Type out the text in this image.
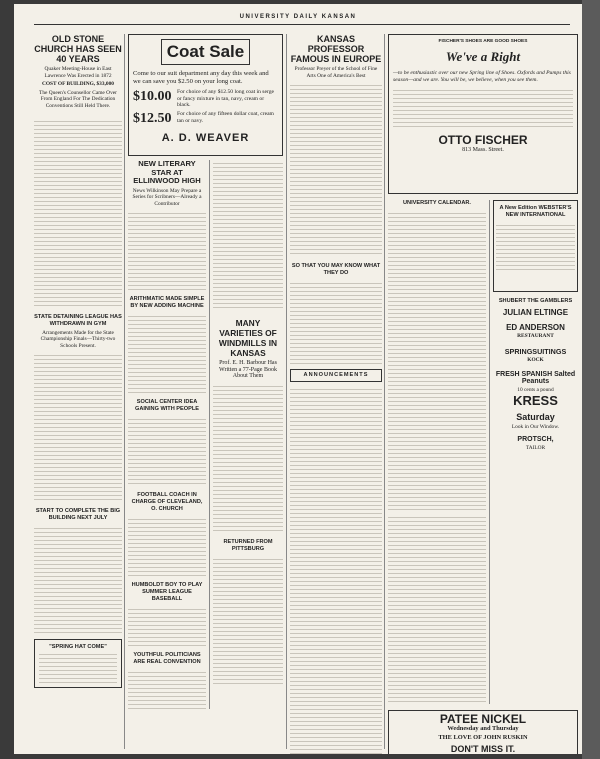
UNIVERSITY DAILY KANSAN
OLD STONE CHURCH HAS SEEN 40 YEARS
Quaker Meeting-House in East Lawrence Was Erected in 1872
COST OF BUILDING, $33,000
The Queen's Counsellor Came Over From England For The Dedication Conventions Still Held There.

STATE DETAINING LEAGUE HAS WITHDRAWN IN GYM
Arrangements Made for the State Championship Finals—Thirty-two Schools Present.
START TO COMPLETE THE BIG BUILDING NEXT JULY
"SPRING HAT COME"
Coat Sale
Come to our suit department any day this week and we can save you $2.50 on your long coat.
$10.00 For choice of any $12.50 long coat in serge or fancy mixture in tan, navy, cream or black.
$12.50 For choice of any fifteen dollar coat, cream tan or navy.
A. D. WEAVER
NEW LITERARY STAR AT ELLINWOOD HIGH
News Wilkinson May Prepare a Series for Scribners—Already a Contributor
ARITHMATIC MADE SIMPLE BY NEW ADDING MACHINE
SOCIAL CENTER IDEA GAINING WITH PEOPLE
FOOTBALL COACH IN CHARGE OF CLEVELAND, O. CHURCH
HUMBOLDT BOY TO PLAY SUMMER LEAGUE BASEBALL
YOUTHFUL POLITICIANS ARE REAL CONVENTION
MANY VARIETIES OF WINDMILLS IN KANSAS
Prof. E. H. Barbour Has Written a 77-Page Book About Them
RETURNED FROM PITTSBURG
KANSAS PROFESSOR FAMOUS IN EUROPE
Professor Preyer of the School of Fine Arts One of America's Best
SO THAT YOU MAY KNOW WHAT THEY DO
ANNOUNCEMENTS
FISCHER'S SHOES ARE GOOD SHOES
We've a Right
—to be enthusiastic over our new Spring line of Shoes. Oxfords and Pumps this season—and we are. You will be, we believe, when you see them.
OTTO FISCHER
813 Mass. Street.
UNIVERSITY CALENDAR.
A New Edition WEBSTER'S NEW INTERNATIONAL
SHUBERT THE GAMBLERS
JULIAN ELTINGE
ED ANDERSON
RESTAURANT
SPRINGSUITINGS
KOCK
FRESH SPANISH Salted Peanuts
10 cents a pound
KRESS
Saturday
Look in Our Window.
PROTSCH,
TAILOR
PATEE NICKEL
Wednesday and Thursday
THE LOVE OF JOHN RUSKIN
DON'T MISS IT.
